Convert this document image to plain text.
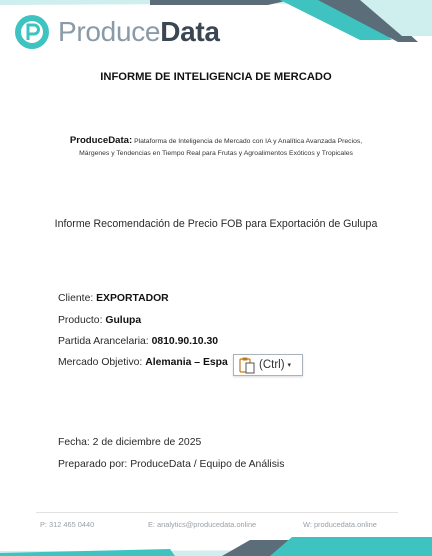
ProduceData
INFORME DE INTELIGENCIA DE MERCADO
ProduceData: Plataforma de Inteligencia de Mercado con IA y Analítica Avanzada Precios, Márgenes y Tendencias en Tiempo Real para Frutas y Agroalimentos Exóticos y Tropicales
Informe Recomendación de Precio FOB para Exportación de Gulupa
Cliente: EXPORTADOR
Producto: Gulupa
Partida Arancelaria: 0810.90.10.30
Mercado Objetivo: Alemania – Espa	(Ctrl) ▾
Fecha: 2 de diciembre de 2025
Preparado por: ProduceData / Equipo de Análisis
P: 312 465 0440	E: analytics@producedata.online	W: producedata.online
